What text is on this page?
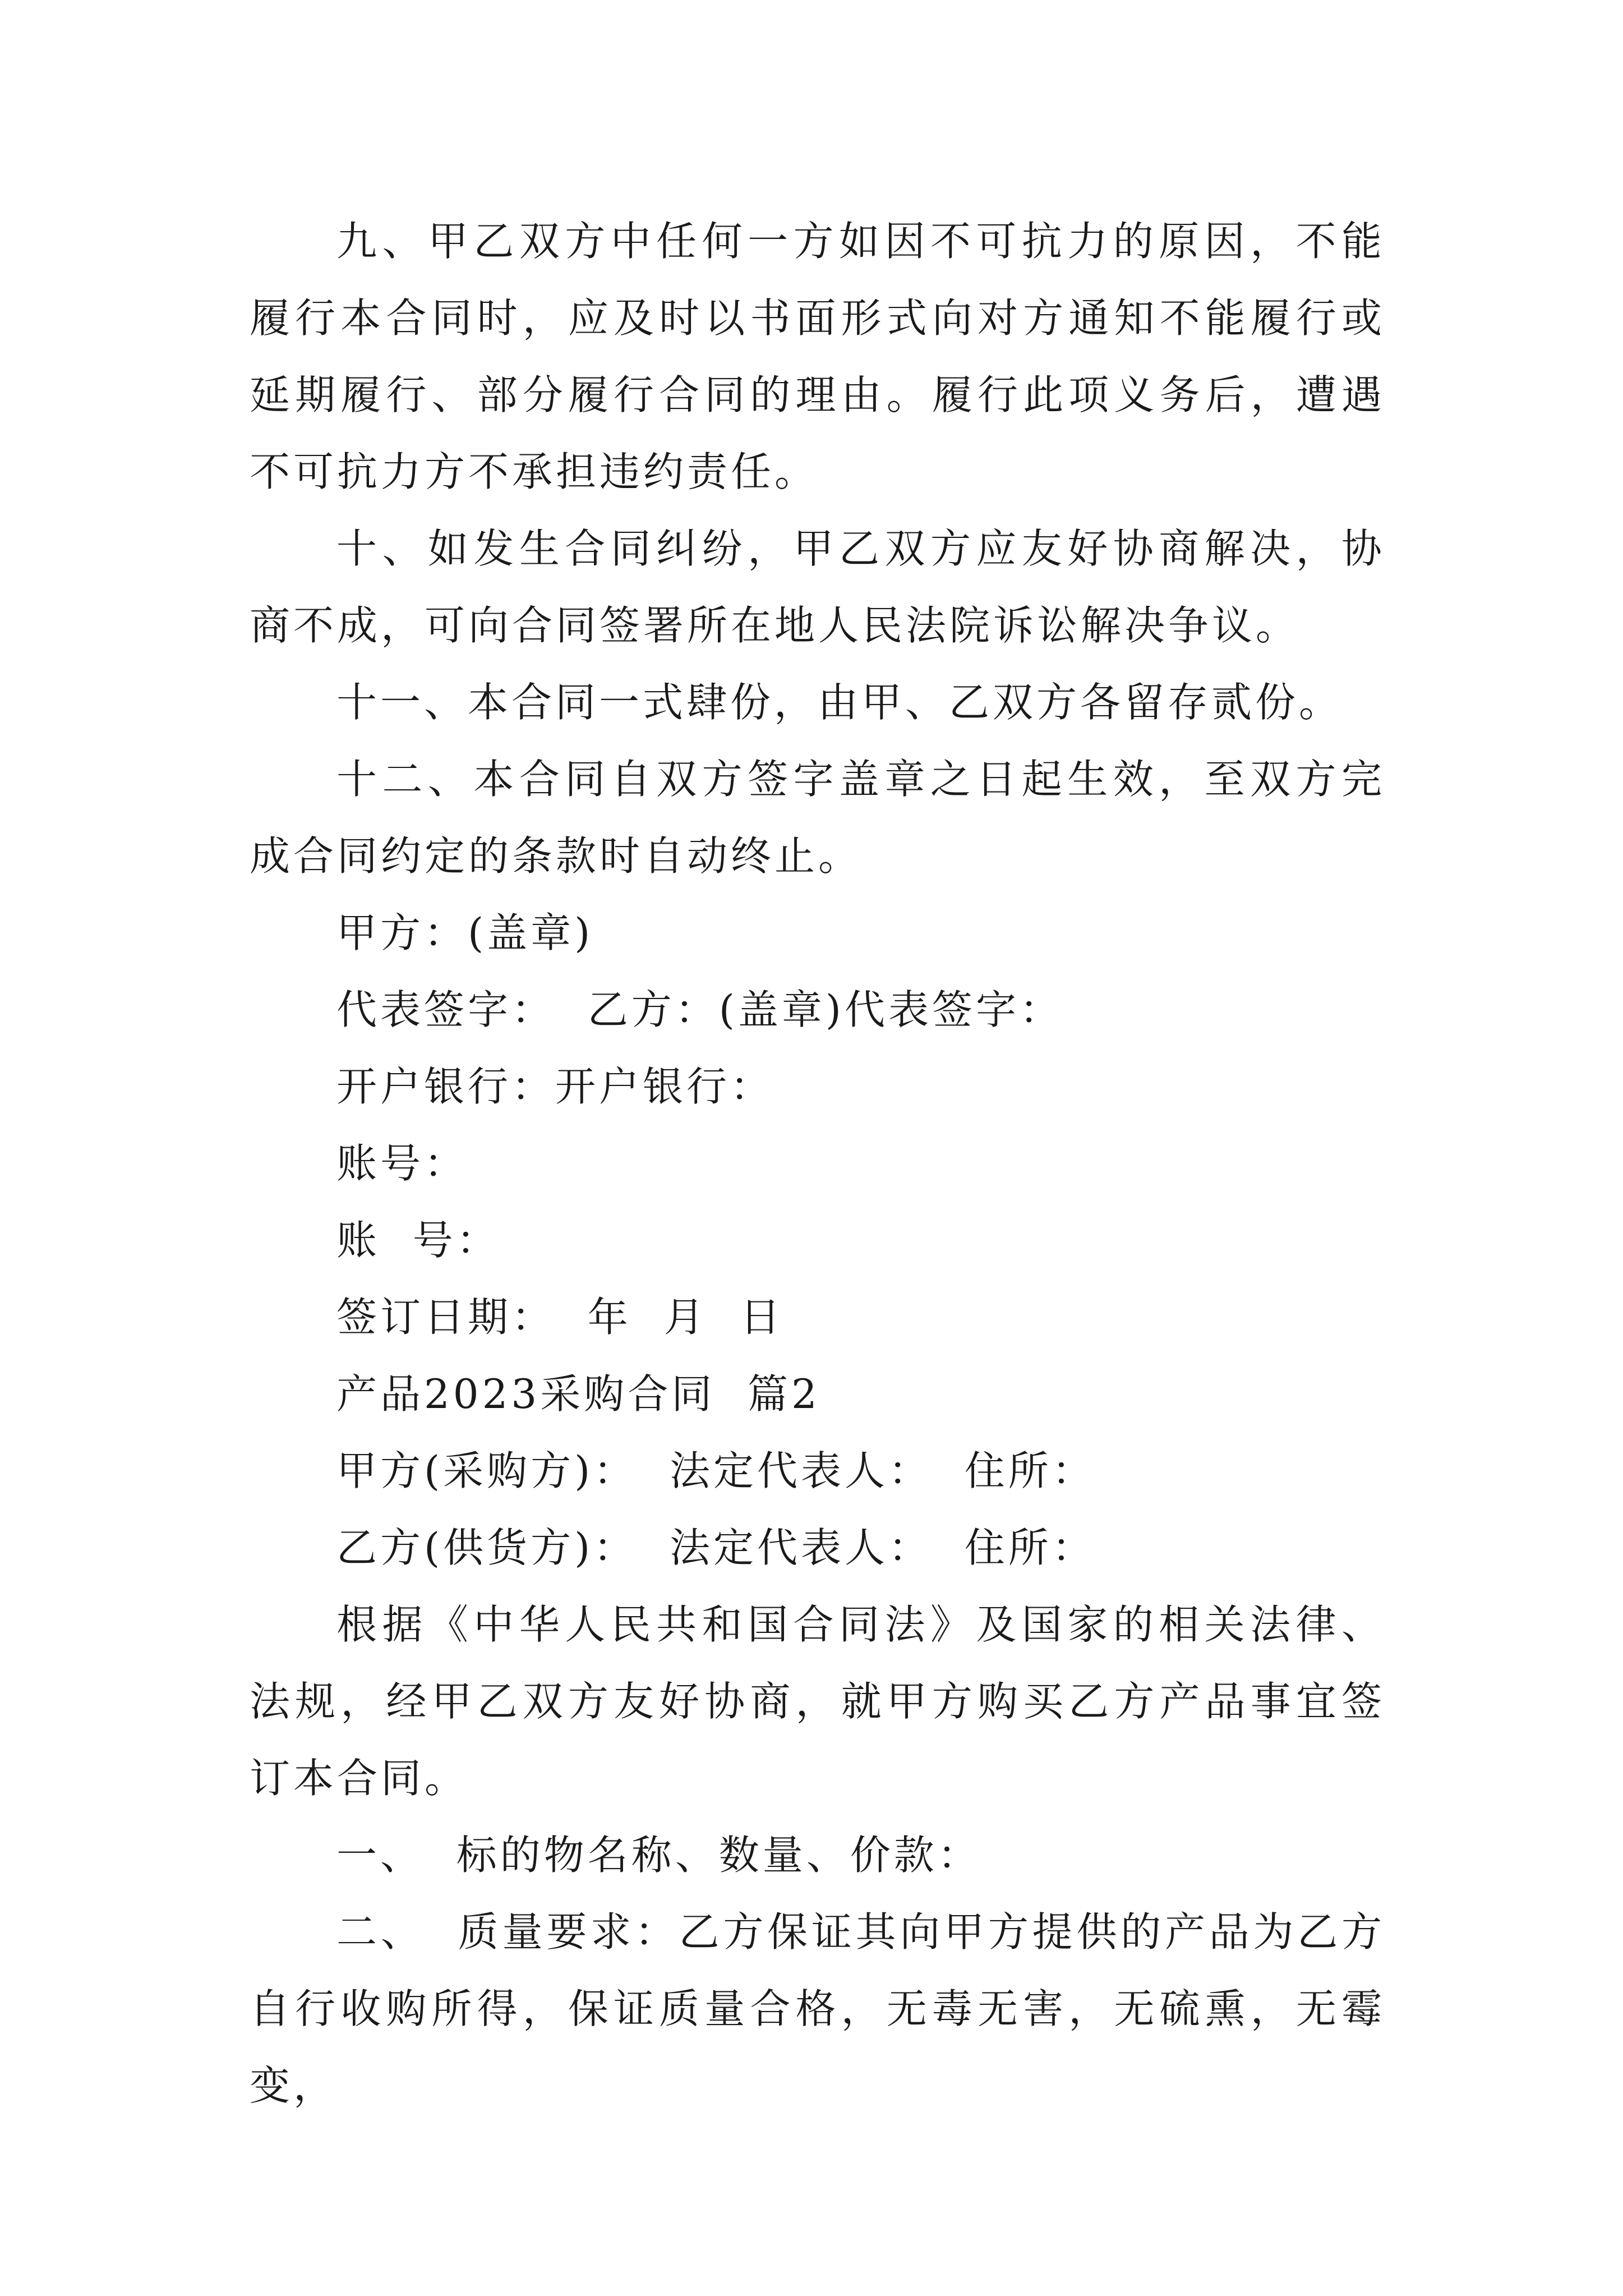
九、甲乙双方中任何一方如因不可抗力的原因，不能履行本合同时，应及时以书面形式向对方通知不能履行或延期履行、部分履行合同的理由。履行此项义务后，遭遇不可抗力方不承担违约责任。

十、如发生合同纠纷，甲乙双方应友好协商解决，协商不成，可向合同签署所在地人民法院诉讼解决争议。

十一、本合同一式肆份，由甲、乙双方各留存贰份。

十二、本合同自双方签字盖章之日起生效，至双方完成合同约定的条款时自动终止。

甲方：(盖章)

代表签字：  乙方：(盖章)代表签字：

开户银行：开户银行：

账号：

账  号：

签订日期：  年  月  日

产品2023采购合同  篇2

甲方(采购方)：  法定代表人：  住所：

乙方(供货方)：  法定代表人：  住所：

根据《中华人民共和国合同法》及国家的相关法律、法规，经甲乙双方友好协商，就甲方购买乙方产品事宜签订本合同。

一、  标的物名称、数量、价款：

二、  质量要求：乙方保证其向甲方提供的产品为乙方自行收购所得，保证质量合格，无毒无害，无硫熏，无霉变，
